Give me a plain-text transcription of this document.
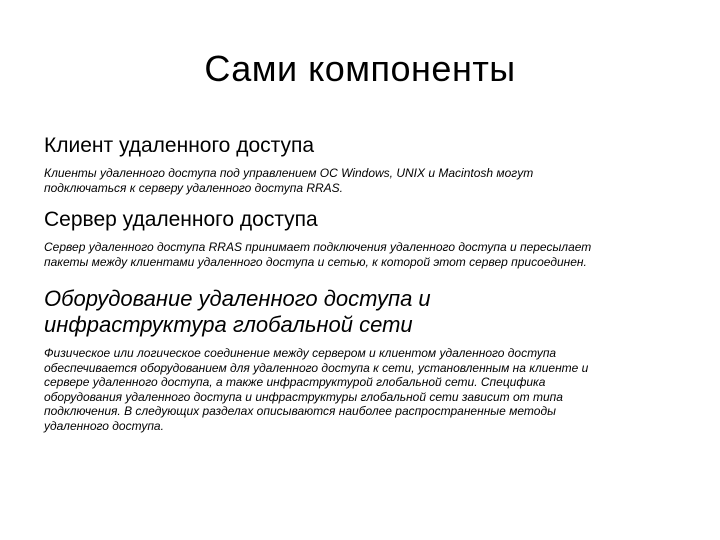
Сами компоненты
Клиент удаленного доступа
Клиенты удаленного доступа под управлением ОС Windows, UNIX и Macintosh могут
подключаться к серверу удаленного доступа RRAS.
Сервер удаленного доступа
Сервер удаленного доступа RRAS принимает подключения удаленного доступа и пересылает
пакеты между клиентами удаленного доступа и сетью, к которой этот сервер присоединен.
Оборудование удаленного доступа и
инфраструктура глобальной сети
Физическое или логическое соединение между сервером и клиентом удаленного доступа
обеспечивается оборудованием для удаленного доступа к сети, установленным на клиенте и
сервере удаленного доступа, а также инфраструктурой глобальной сети. Специфика
оборудования удаленного доступа и инфраструктуры глобальной сети зависит от типа
подключения. В следующих разделах описываются наиболее распространенные методы
удаленного доступа.
